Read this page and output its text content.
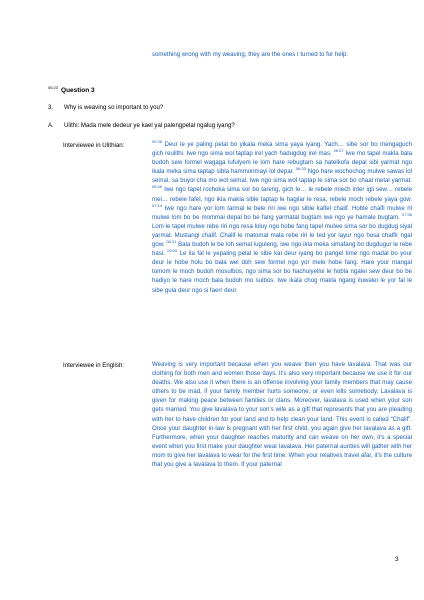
something wrong with my weaving, they are the ones I turned to for help.
$^{05:23}$ Question 3
3. Why is weaving so important to you?
A. Ulithi: Mada mele dedeur ye kael yal palengpelal ngalug iyang?
Interviewee in Ulithian:
$^{05:38}$ Deur le ye paling pelal bo yikala meka sima yaya iyang. Yach… sibe sor bo mengaguch gich reulithi. Iwe ngo sima wol taptap irel yach hadugdug irel mas. $^{06:07}$ Iwe mo tapel makla bala budoh sew formel wagaga lufulyem le lom hare rebugtam sa hatelkofa depal sibi yarmat ngo ikala meka sima taptap sibla hammonmayi lol depar. $^{06:33}$ Ngo hare wochochog mulwe sawas lol semal, sa buyoi cha mo wol semal, Iwe ngo sima wol taptap le sima sor bo chaal metal yarmat. $^{06:45}$ Iwe ngo tapel rochoka sima sor bo tareng, gich le… le rebele miech inter igli sew… rebele mel… rebele fafel, ngo ikla makla sible taptap le hagilar le resa, rebele moch rebele yaya gow. $^{07:14}$ Iwe ngo hare yor lom tarmal le bele riri iwe ngo sible kaflel chalif. Hoble chalfi mulwe ril mulwe lom bo be mommai depal bo be fang yarmatal bugtam iwe ngo ye hamale bugtam. $^{07:58}$ Lom le tapel mulwe rebe riri ngo resa loluy ngo hobe fang tapel mulwe sima sor bo dugdug siyal yarmat. Mustangi chalif. Chalif le matomal mala rebe riri le ted yor layur ngo hosa chalfir ngal gow. $^{08:31}$ Bala budoh le be loh semal luguleng, iwe ngo ikla meka simafang bo dugdugur le rebe hasi. $^{09:00}$ Le ila fal le yepaling pelal le sibe kai deur iyang bo pangel time ngo madal bo your deur le hobe holu bo bala wel doh sew formel ngo yor mele hobe fang. Hare your mangal tomom le moch budoh mosulbos, ngo sima sor bo hachuiyelloi le hobla ngalei sew deur bo be hadiyo le hare moch bala budoh mo sulbos. Iwe ikala chog makla ngang iluwalei le yor fal le sibe gula deur ngo si faerr deur.
Interviewee in English:	Weaving is very important because when you weave then you have lavalava. That was our clothing for both men and women those days. It’s also very important because we use it for our deaths. We also use it when there is an offense involving your family members that may cause others to be mad, if your family member hurts someone, or even kills somebody. Lavalava is given for making peace between families or clans. Moreover, lavalava is used when your son gets married. You give lavalava to your son’s wife as a gift that represents that you are pleading with her to have children for your land and to help clean your land. This event is called “Chalif”. Once your daughter in-law is pregnant with her first child, you again give her lavalava as a gift. Furthermore, when your daughter reaches maturity and can weave on her own, it’s a special event when you first make your daughter wear lavalava. Her paternal aunties will gather with her mom to give her lavalava to wear for the first time. When your relatives travel afar, it’s the culture that you give a lavalava to them. If your paternal
3
